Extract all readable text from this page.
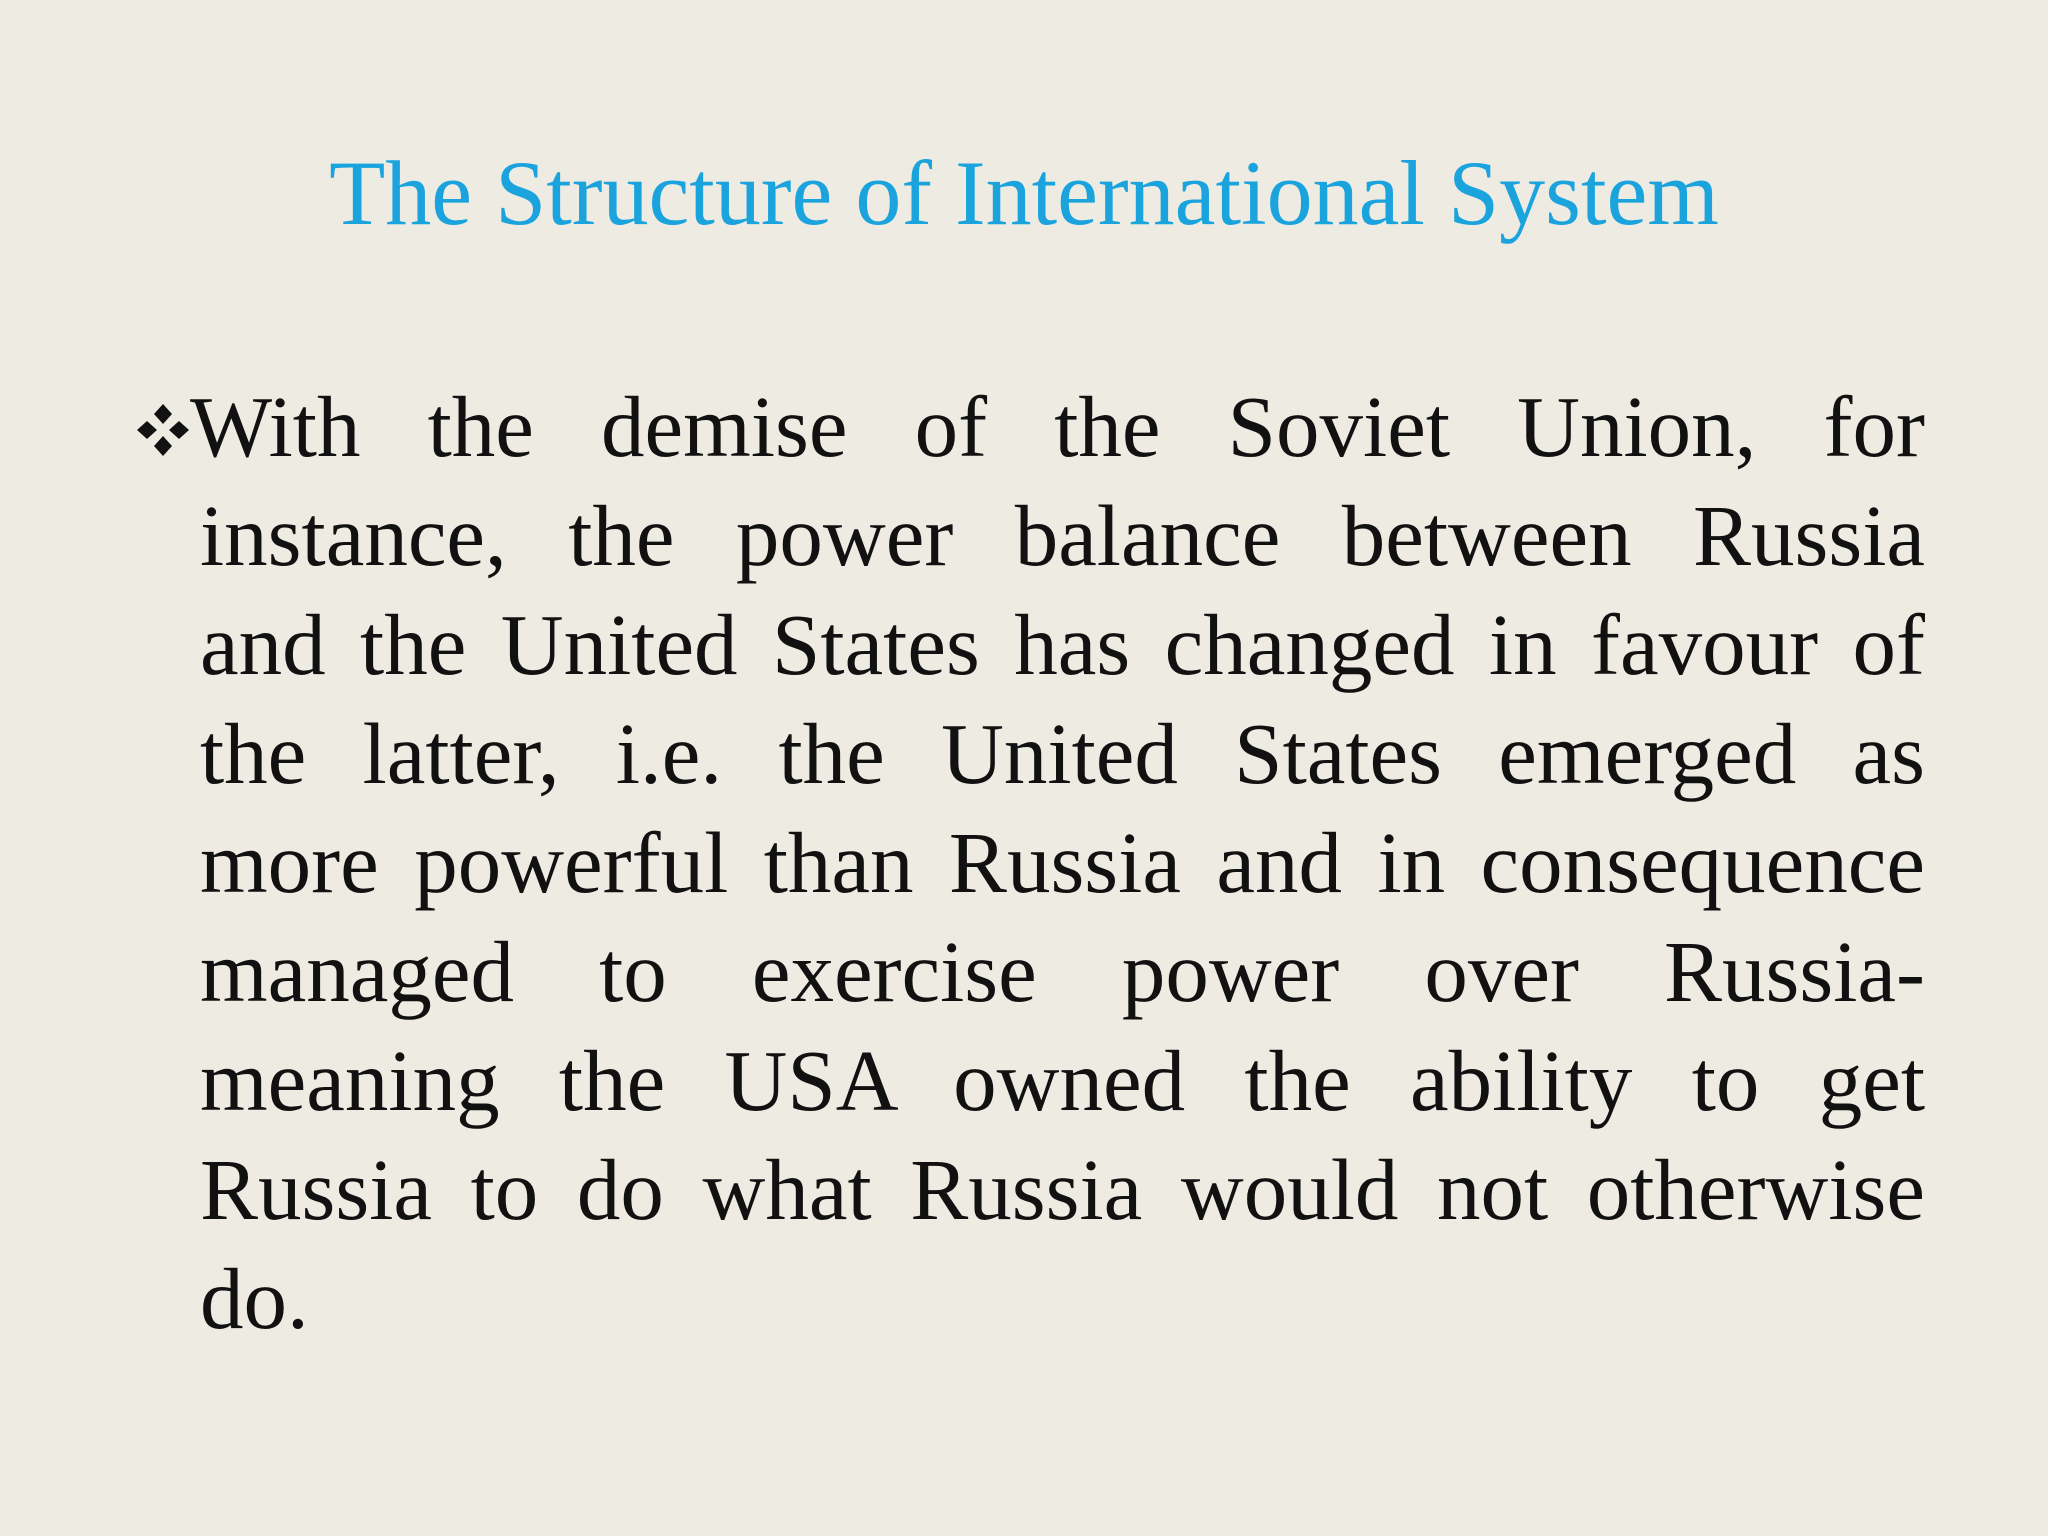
The Structure of International System
With the demise of the Soviet Union, for
instance, the power balance between Russia
and the United States has changed in favour of
the latter, i.e. the United States emerged as
more powerful than Russia and in consequence
managed to exercise power over Russia-
meaning the USA owned the ability to get
Russia to do what Russia would not otherwise
do.
